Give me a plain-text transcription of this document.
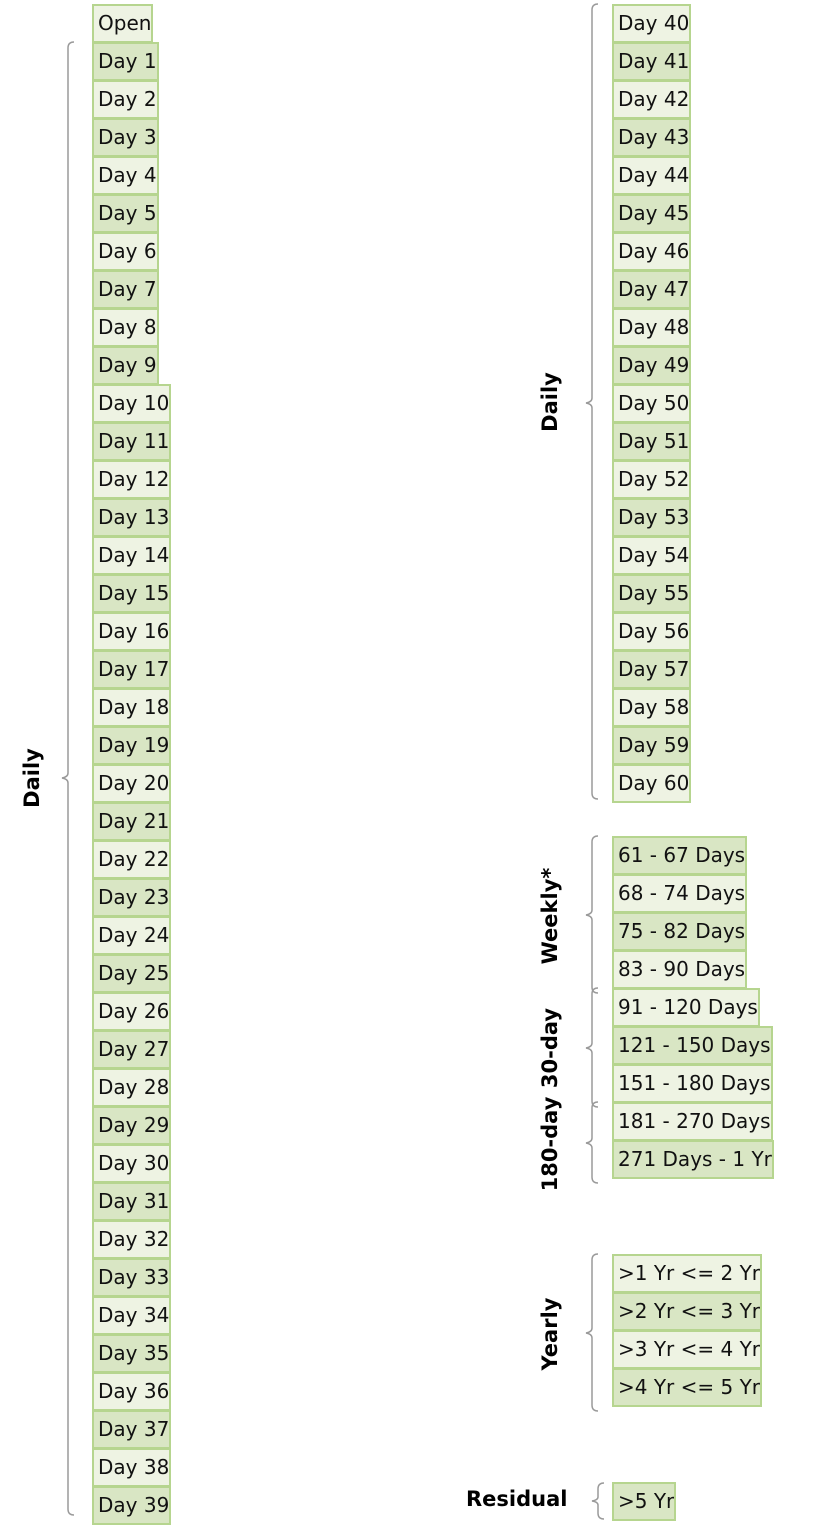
Open
Day 1
Day 2
Day 3
Day 4
Day 5
Day 6
Day 7
Day 8
Day 9
Day 10
Day 11
Day 12
Day 13
Day 14
Day 15
Day 16
Day 17
Day 18
Day 19
Day 20
Day 21
Day 22
Day 23
Day 24
Day 25
Day 26
Day 27
Day 28
Day 29
Day 30
Day 31
Day 32
Day 33
Day 34
Day 35
Day 36
Day 37
Day 38
Day 39
Day 40
Day 41
Day 42
Day 43
Day 44
Day 45
Day 46
Day 47
Day 48
Day 49
Day 50
Day 51
Day 52
Day 53
Day 54
Day 55
Day 56
Day 57
Day 58
Day 59
Day 60
61 - 67 Days
68 - 74 Days
75 - 82 Days
83 - 90 Days
91 - 120 Days
121 - 150 Days
151 - 180 Days
181 - 270 Days
271 Days - 1 Yr
>1 Yr <= 2 Yr
>2 Yr <= 3 Yr
>3 Yr <= 4 Yr
>4 Yr <= 5 Yr
>5 Yr
Daily
Daily
Weekly*
30-day
180-day
Yearly
Residual
